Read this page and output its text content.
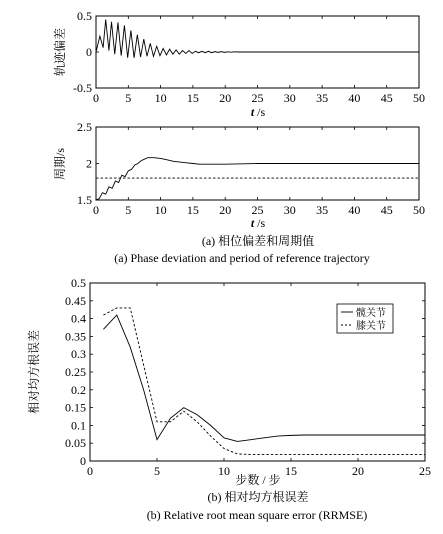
0 5 10 15 20 25 30 35 40 45 50
-0.5
0
0.5
轨迹偏差
t /s
0 5 10 15 20 25 30 35 40 45 50
1.5
2
2.5
周期/s
t /s
(a) 相位偏差和周期值
(a) Phase deviation and period of reference trajectory
0	5	10	15	20	25
0
0.05
0.1
0.15
0.2
0.25
0.3
0.35
0.4
0.45
0.5
相对均方根误差
步数 / 步
髋关节
膝关节
(b) 相对均方根误差
(b) Relative root mean square error (RRMSE)
